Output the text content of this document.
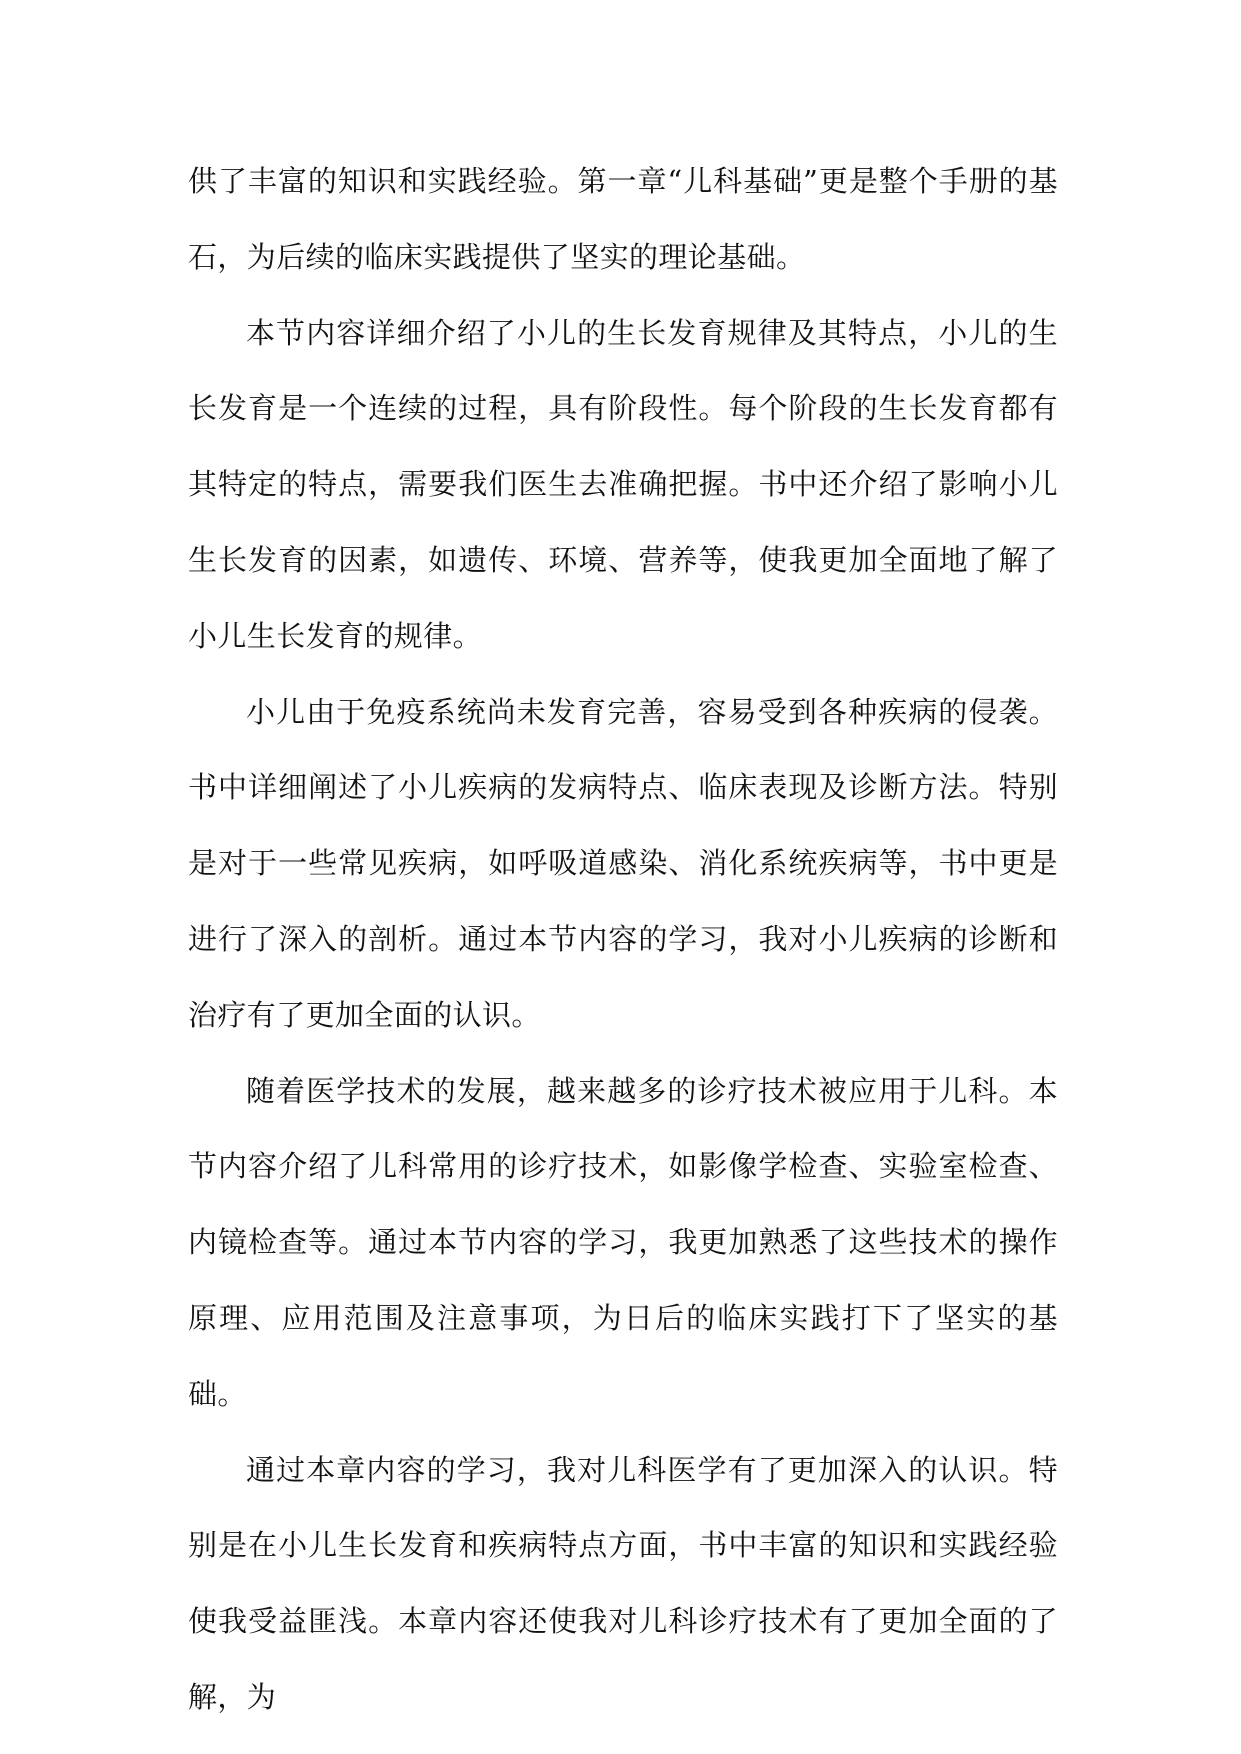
供了丰富的知识和实践经验。第一章“儿科基础”更是整个手册的基石，为后续的临床实践提供了坚实的理论基础。

本节内容详细介绍了小儿的生长发育规律及其特点，小儿的生长发育是一个连续的过程，具有阶段性。每个阶段的生长发育都有其特定的特点，需要我们医生去准确把握。书中还介绍了影响小儿生长发育的因素，如遗传、环境、营养等，使我更加全面地了解了小儿生长发育的规律。

小儿由于免疫系统尚未发育完善，容易受到各种疾病的侵袭。书中详细阐述了小儿疾病的发病特点、临床表现及诊断方法。特别是对于一些常见疾病，如呼吸道感染、消化系统疾病等，书中更是进行了深入的剖析。通过本节内容的学习，我对小儿疾病的诊断和治疗有了更加全面的认识。

随着医学技术的发展，越来越多的诊疗技术被应用于儿科。本节内容介绍了儿科常用的诊疗技术，如影像学检查、实验室检查、内镜检查等。通过本节内容的学习，我更加熟悉了这些技术的操作原理、应用范围及注意事项，为日后的临床实践打下了坚实的基础。

通过本章内容的学习，我对儿科医学有了更加深入的认识。特别是在小儿生长发育和疾病特点方面，书中丰富的知识和实践经验使我受益匪浅。本章内容还使我对儿科诊疗技术有了更加全面的了解，为
